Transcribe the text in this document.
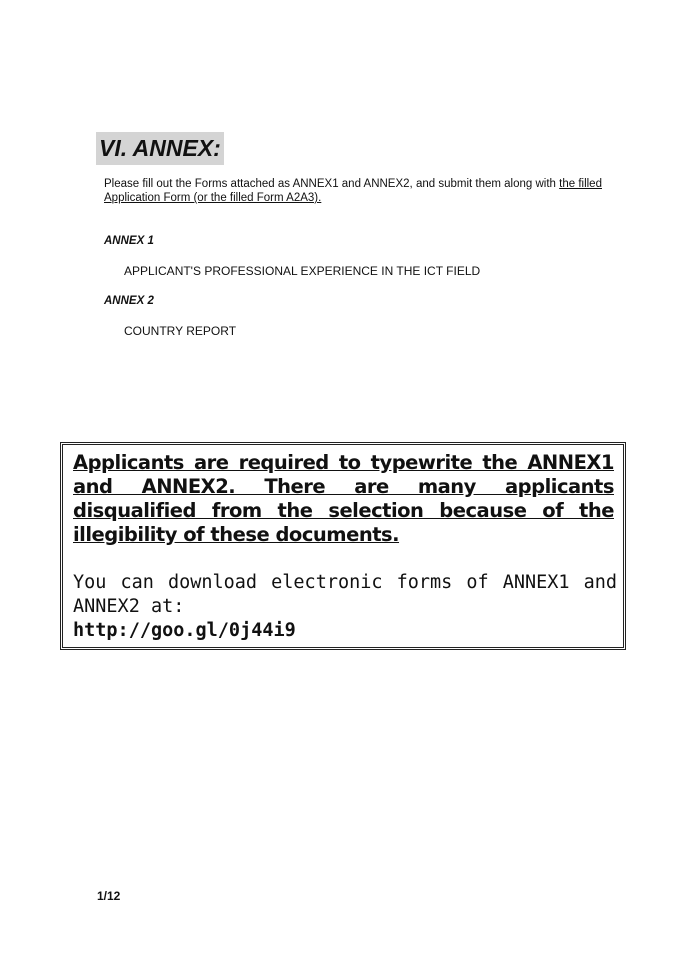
VI. ANNEX:
Please fill out the Forms attached as ANNEX1 and ANNEX2, and submit them along with the filled Application Form (or the filled Form A2A3).
ANNEX 1
APPLICANT'S PROFESSIONAL EXPERIENCE IN THE ICT FIELD
ANNEX 2
COUNTRY REPORT
Applicants are required to typewrite the ANNEX1 and ANNEX2. There are many applicants disqualified from the selection because of the illegibility of these documents.
You can download electronic forms of ANNEX1 and ANNEX2 at:
http://goo.gl/0j44i9
1/12
